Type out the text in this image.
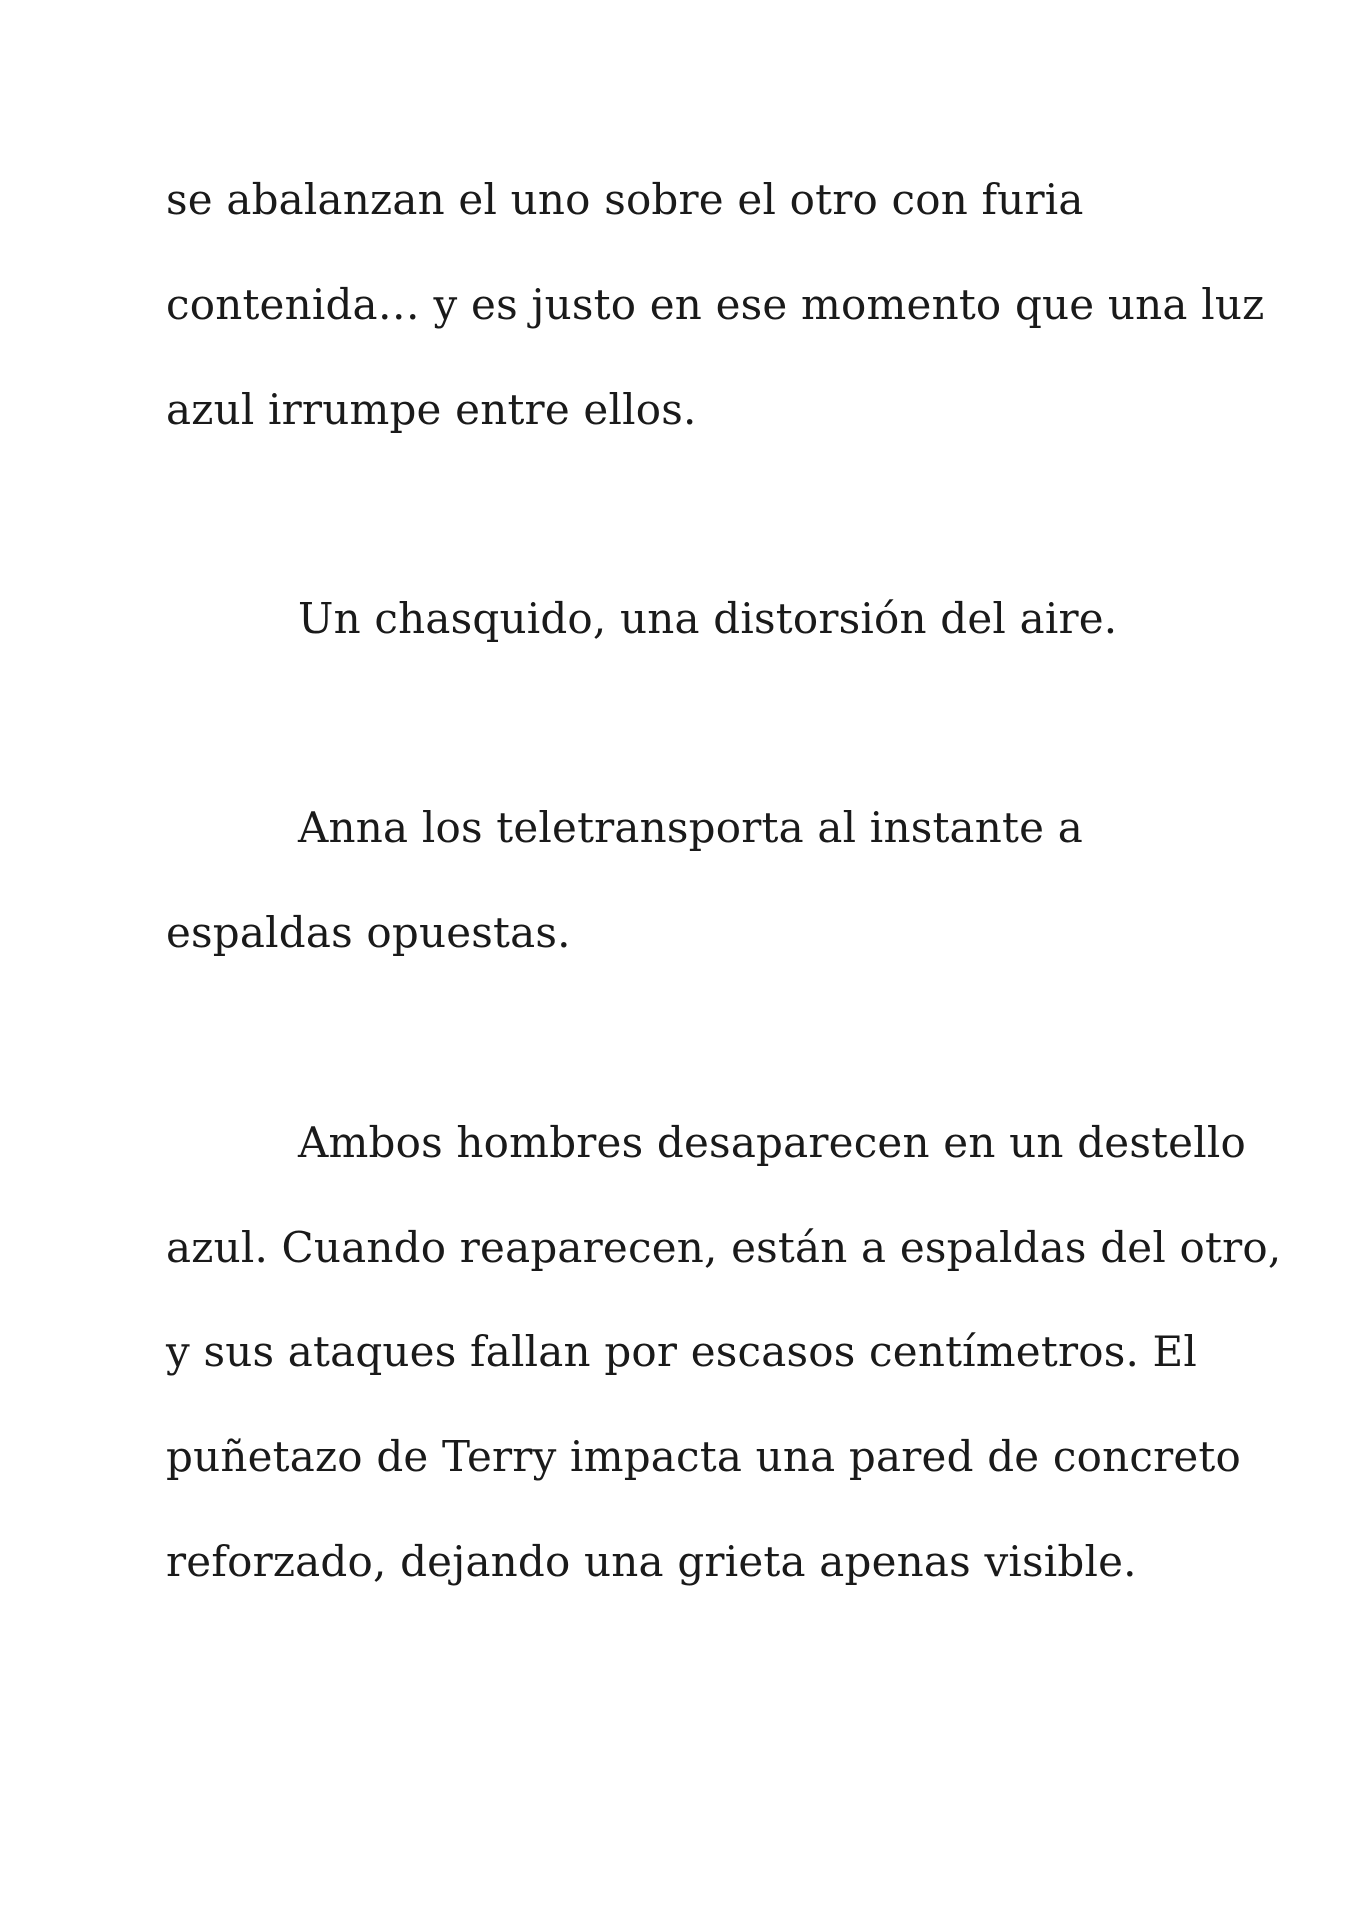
se abalanzan el uno sobre el otro con furia

contenida… y es justo en ese momento que una luz

azul irrumpe entre ellos.

Un chasquido, una distorsión del aire.

Anna los teletransporta al instante a

espaldas opuestas.

Ambos hombres desaparecen en un destello

azul. Cuando reaparecen, están a espaldas del otro,

y sus ataques fallan por escasos centímetros. El

puñetazo de Terry impacta una pared de concreto

reforzado, dejando una grieta apenas visible.
